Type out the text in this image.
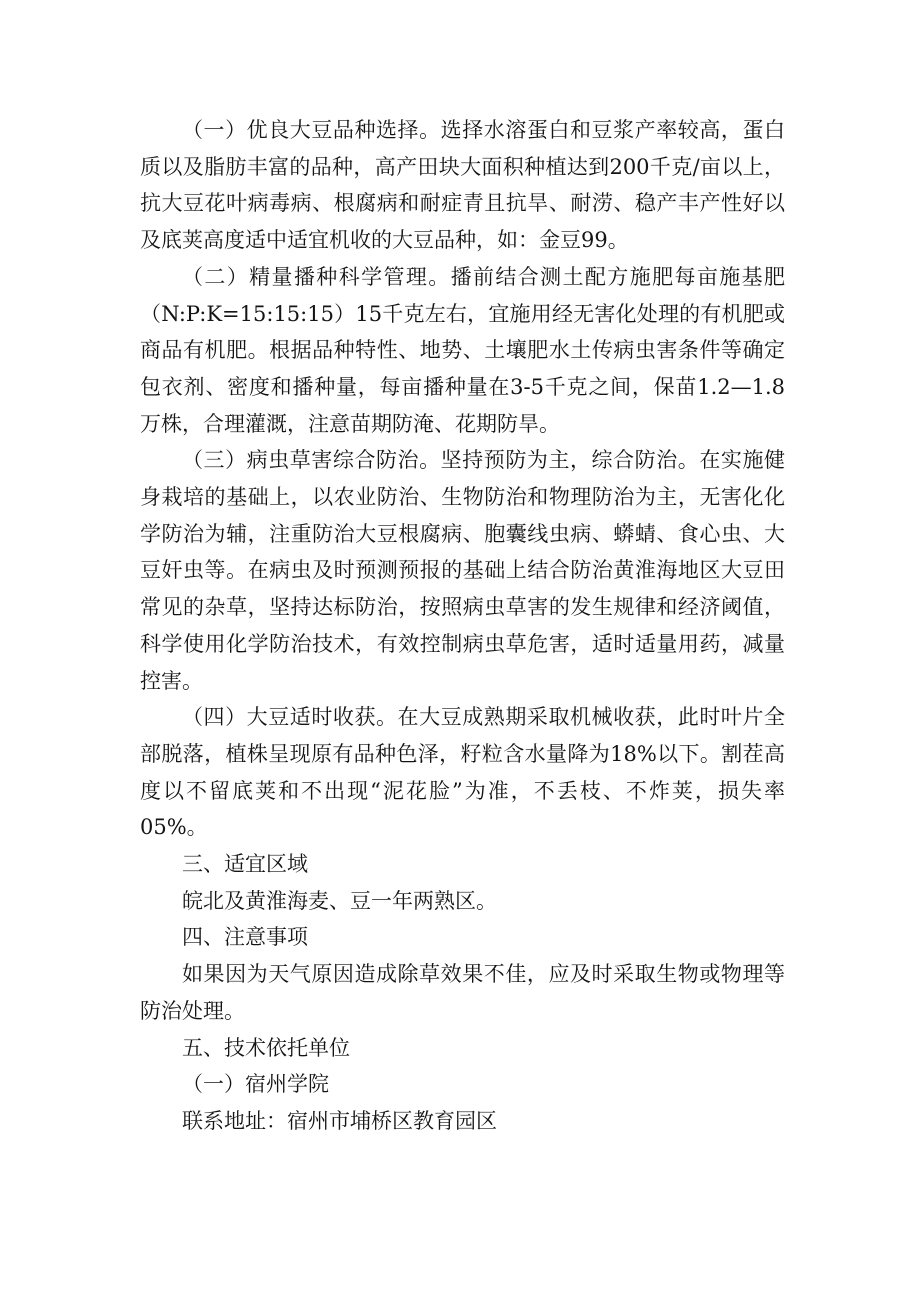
（一）优良大豆品种选择。选择水溶蛋白和豆浆产率较高，蛋白质以及脂肪丰富的品种，高产田块大面积种植达到200千克/亩以上，抗大豆花叶病毒病、根腐病和耐症青且抗旱、耐涝、稳产丰产性好以及底荚高度适中适宜机收的大豆品种，如：金豆99。

（二）精量播种科学管理。播前结合测土配方施肥每亩施基肥（N:P:K=15:15:15）15千克左右，宜施用经无害化处理的有机肥或商品有机肥。根据品种特性、地势、土壤肥水土传病虫害条件等确定包衣剂、密度和播种量，每亩播种量在3-5千克之间，保苗1.2—1.8万株，合理灌溉，注意苗期防淹、花期防旱。

（三）病虫草害综合防治。坚持预防为主，综合防治。在实施健身栽培的基础上，以农业防治、生物防治和物理防治为主，无害化化学防治为辅，注重防治大豆根腐病、胞囊线虫病、蟒蜻、食心虫、大豆奸虫等。在病虫及时预测预报的基础上结合防治黄淮海地区大豆田常见的杂草，坚持达标防治，按照病虫草害的发生规律和经济阈值，科学使用化学防治技术，有效控制病虫草危害，适时适量用药，减量控害。

（四）大豆适时收获。在大豆成熟期采取机械收获，此时叶片全部脱落，植株呈现原有品种色泽，籽粒含水量降为18%以下。割茬高度以不留底荚和不出现“泥花脸”为准，不丢枝、不炸荚，损失率05%。

三、适宜区域

皖北及黄淮海麦、豆一年两熟区。

四、注意事项

如果因为天气原因造成除草效果不佳，应及时采取生物或物理等防治处理。

五、技术依托单位

（一）宿州学院

联系地址：宿州市埔桥区教育园区
